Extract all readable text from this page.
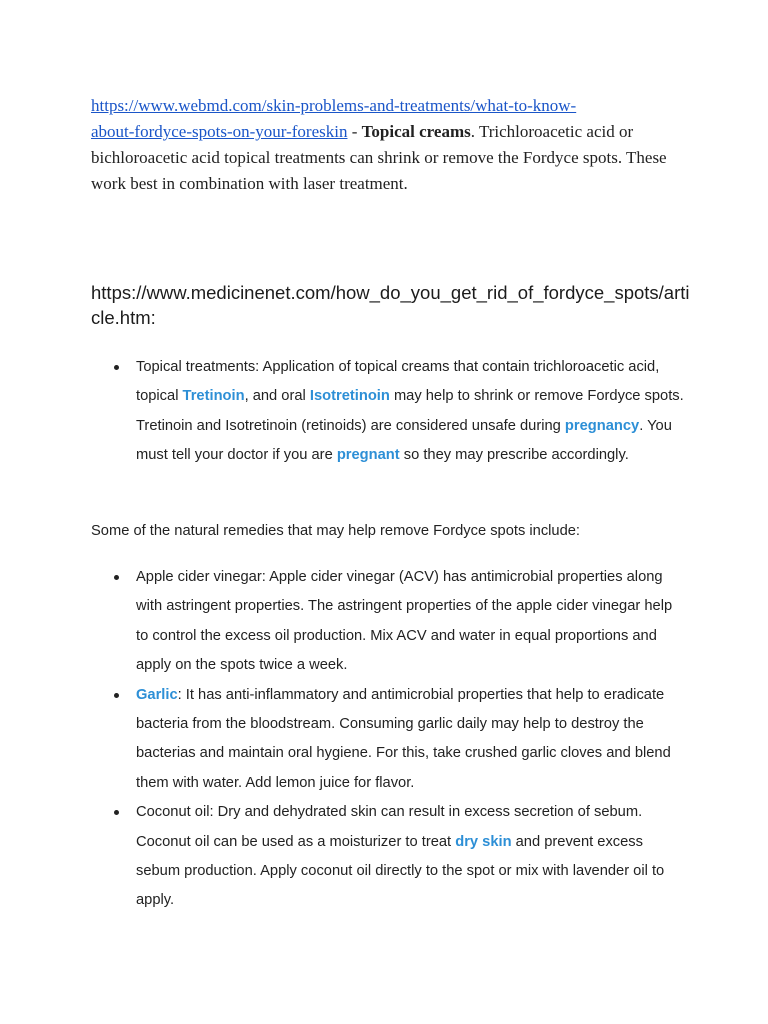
https://www.webmd.com/skin-problems-and-treatments/what-to-know-
about-fordyce-spots-on-your-foreskin - Topical creams. Trichloroacetic acid or bichloroacetic acid topical treatments can shrink or remove the Fordyce spots. These work best in combination with laser treatment.
https://www.medicinenet.com/how_do_you_get_rid_of_fordyce_spots/article.htm:
Topical treatments: Application of topical creams that contain trichloroacetic acid, topical Tretinoin, and oral Isotretinoin may help to shrink or remove Fordyce spots. Tretinoin and Isotretinoin (retinoids) are considered unsafe during pregnancy. You must tell your doctor if you are pregnant so they may prescribe accordingly.
Some of the natural remedies that may help remove Fordyce spots include:
Apple cider vinegar: Apple cider vinegar (ACV) has antimicrobial properties along with astringent properties. The astringent properties of the apple cider vinegar help to control the excess oil production. Mix ACV and water in equal proportions and apply on the spots twice a week.
Garlic: It has anti-inflammatory and antimicrobial properties that help to eradicate bacteria from the bloodstream. Consuming garlic daily may help to destroy the bacterias and maintain oral hygiene. For this, take crushed garlic cloves and blend them with water. Add lemon juice for flavor.
Coconut oil: Dry and dehydrated skin can result in excess secretion of sebum. Coconut oil can be used as a moisturizer to treat dry skin and prevent excess sebum production. Apply coconut oil directly to the spot or mix with lavender oil to apply.
